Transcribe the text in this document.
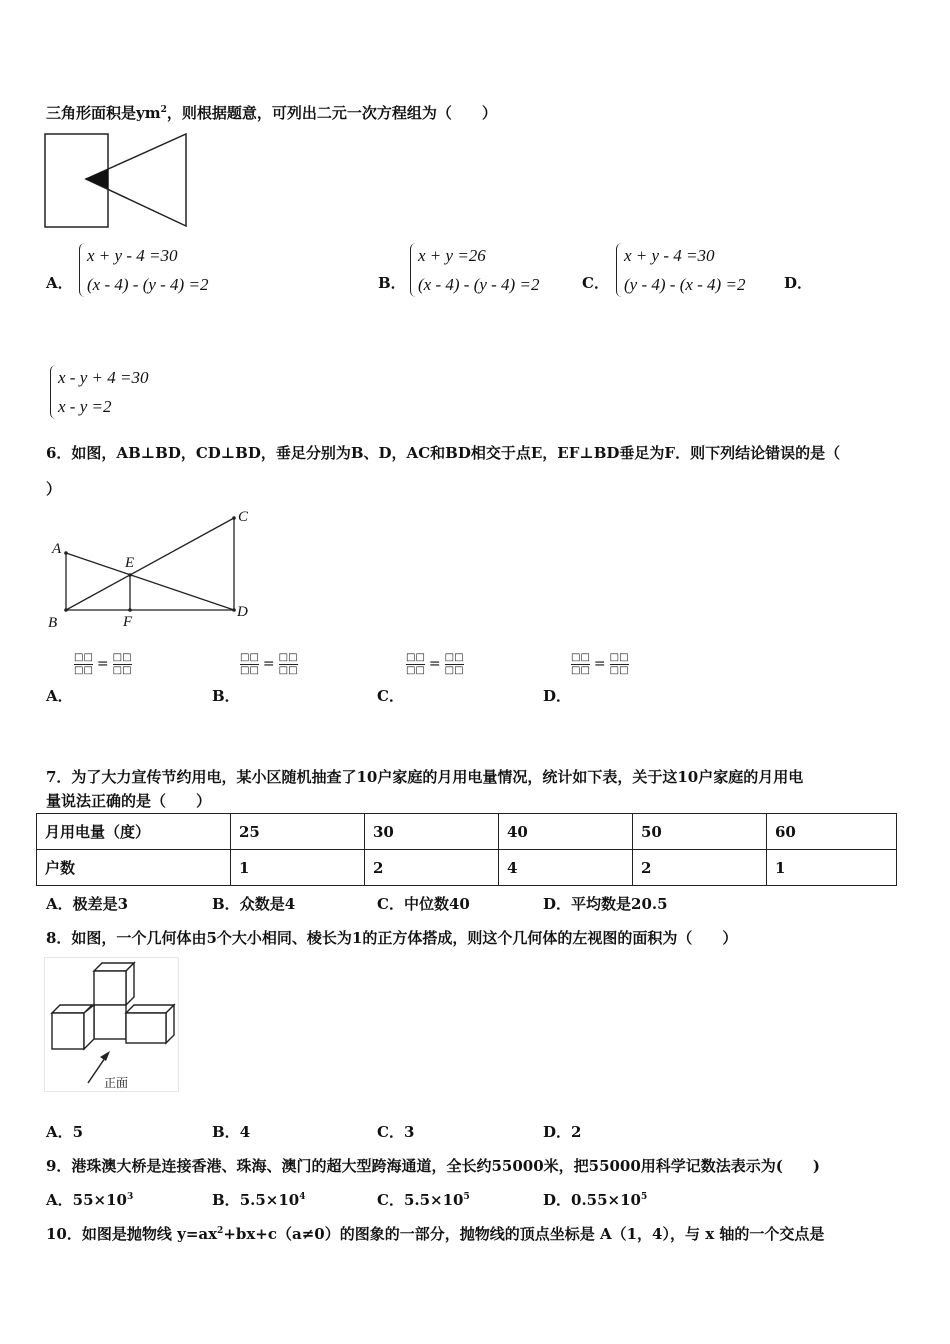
三角形面积是$ym^2$，则根据题意，可列出二元一次方程组为（　　）
A．
x + y - 4 =30
(x - 4) - (y - 4) =2	B．
x + y =26
(x - 4) - (y - 4) =2	C．
x + y - 4 =30
(y - 4) - (x - 4) =2	D．
x - y + 4 =30
x - y =2
6．如图，AB⊥BD，CD⊥BD，垂足分别为B、D，AC和BD相交于点E，EF⊥BD垂足为F．则下列结论错误的是（
）
A
B
C
D
E
F
□□
□□ = □□
□□
A．
□□
□□ = □□
□□
B．
□□
□□ = □□
□□
C．
□□
□□ = □□
□□
D．
7．为了大力宣传节约用电，某小区随机抽查了10户家庭的月用电量情况，统计如下表，关于这10户家庭的月用电
量说法正确的是（　　）
月用电量（度）	25	30	40	50	60
户数	1	2	4	2	1
A．极差是3	B．众数是4	C．中位数40	D．平均数是20.5
8．如图，一个几何体由5个大小相同、棱长为1的正方体搭成，则这个几何体的左视图的面积为（　　）
正面
A．5	B．4	C．3	D．2
9．港珠澳大桥是连接香港、珠海、澳门的超大型跨海通道，全长约55000米，把55000用科学记数法表示为(　　)
A．$55\times 10^3$	B．$5.5\times 10^4$	C．$5.5\times 10^5$	D．$0.55\times 10^5$
10．如图是抛物线 $y=ax^2+bx+c(a\ne 0)$的图象的一部分，抛物线的顶点坐标是 A（1，4），与 x 轴的一个交点是
